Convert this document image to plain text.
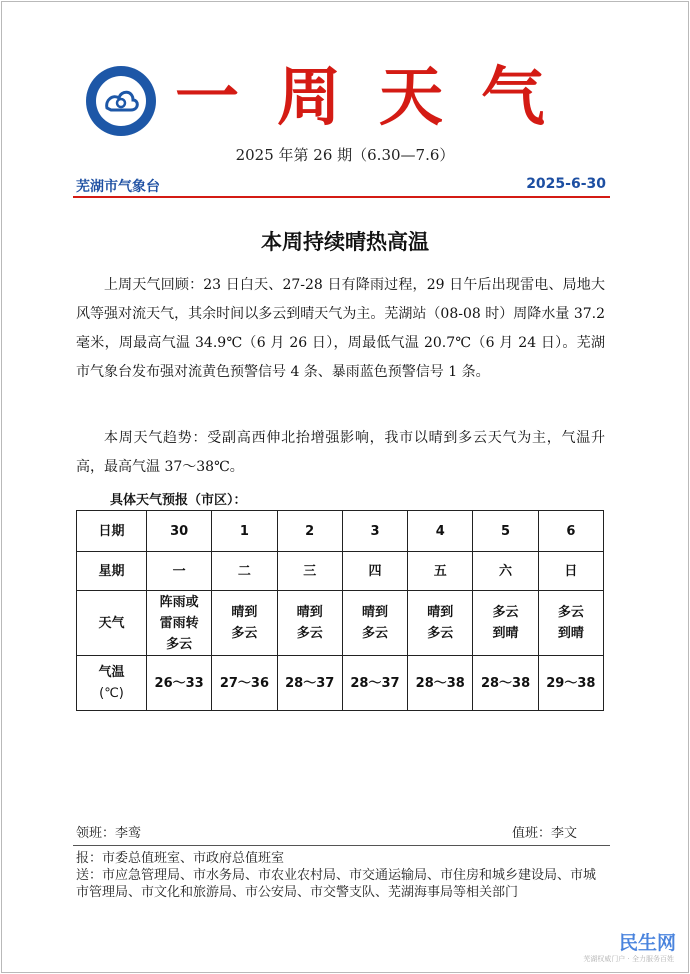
一周天气
2025 年第 26 期（6.30—7.6）
芜湖市气象台	2025-6-30
本周持续晴热高温

上周天气回顾：23 日白天、27-28 日有降雨过程，29 日午后出现雷电、局地大风等强对流天气，其余时间以多云到晴天气为主。芜湖站（08-08 时）周降水量 37.2 毫米，周最高气温 34.9℃（6 月 26 日），周最低气温 20.7℃（6 月 24 日）。芜湖市气象台发布强对流黄色预警信号 4 条、暴雨蓝色预警信号 1 条。

本周天气趋势：受副高西伸北抬增强影响，我市以晴到多云天气为主，气温升高，最高气温 37～38℃。

具体天气预报（市区）：
日期	30	1	2	3	4	5	6
星期	一	二	三	四	五	六	日
天气	阵雨或雷雨转多云	晴到多云	晴到多云	晴到多云	晴到多云	多云到晴	多云到晴

气温
(℃)	26～33	27～36	28～37	28～37	28～38	28～38	29～38
领班：李鸾	值班：李文

报：市委总值班室、市政府总值班室
送：市应急管理局、市水务局、市农业农村局、市交通运输局、市住房和城乡建设局、市城市管理局、市文化和旅游局、市公安局、市交警支队、芜湖海事局等相关部门

民生网
芜湖权威门户 · 全力服务百姓
